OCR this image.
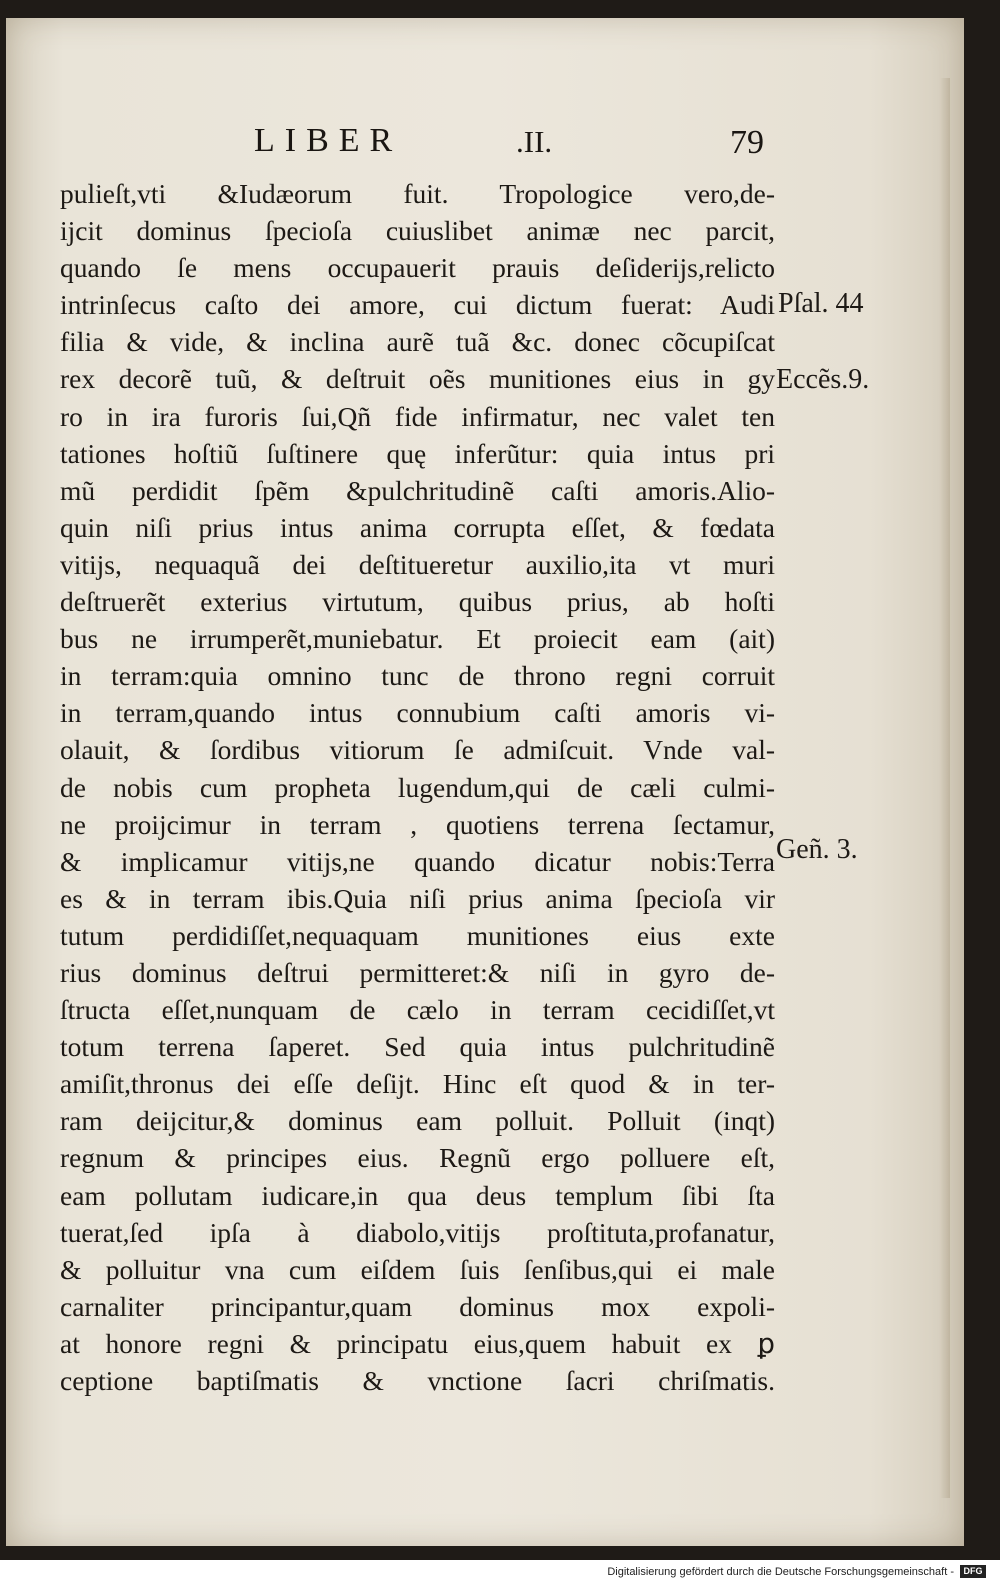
LIBER	.II.	79
pulieſt,vti &Iudæorum fuit. Tropologice vero,de-
ijcit dominus ſpecioſa cuiuslibet animæ nec parcit,
quando ſe mens occupauerit prauis deſiderijs,relicto
intrinſecus caſto dei amore, cui dictum fuerat: Audi
filia & vide, & inclina aurẽ tuã &c. donec cõcupiſcat
rex decorẽ tuũ, & deſtruit oẽs munitiones eius in gy
ro in ira furoris ſui,Qñ fide infirmatur, nec valet ten
tationes hoſtiũ ſuſtinere quę inferũtur: quia intus pri
mũ perdidit ſpẽm &pulchritudinẽ caſti amoris.Alio-
quin niſi prius intus anima corrupta eſſet, & fœdata
vitijs, nequaquã dei deſtitueretur auxilio,ita vt muri
deſtruerẽt exterius virtutum, quibus prius, ab hoſti
bus ne irrumperẽt,muniebatur. Et proiecit eam (ait)
in terram:quia omnino tunc de throno regni corruit
in terram,quando intus connubium caſti amoris vi-
olauit, & ſordibus vitiorum ſe admiſcuit. Vnde val-
de nobis cum propheta lugendum,qui de cæli culmi-
ne proijcimur in terram , quotiens terrena ſectamur,
& implicamur vitijs,ne quando dicatur nobis:Terra
es & in terram ibis.Quia niſi prius anima ſpecioſa vir
tutum perdidiſſet,nequaquam munitiones eius exte
rius dominus deſtrui permitteret:& niſi in gyro de-
ſtructa eſſet,nunquam de cælo in terram cecidiſſet,vt
totum terrena ſaperet. Sed quia intus pulchritudinẽ
amiſit,thronus dei eſſe deſijt. Hinc eſt quod & in ter-
ram deijcitur,& dominus eam polluit. Polluit (inqt)
regnum & principes eius. Regnũ ergo polluere eſt,
eam pollutam iudicare,in qua deus templum ſibi ſta
tuerat,ſed ipſa à diabolo,vitijs proſtituta,profanatur,
& polluitur vna cum eiſdem ſuis ſenſibus,qui ei male
carnaliter principantur,quam dominus mox expoli-
at honore regni & principatu eius,quem habuit ex ꝑ
ceptione baptiſmatis & vnctione ſacri chriſmatis.
Pſal. 44
Eccẽs.9.
Geñ. 3.
Digitalisierung gefördert durch die Deutsche Forschungsgemeinschaft -	DFG
